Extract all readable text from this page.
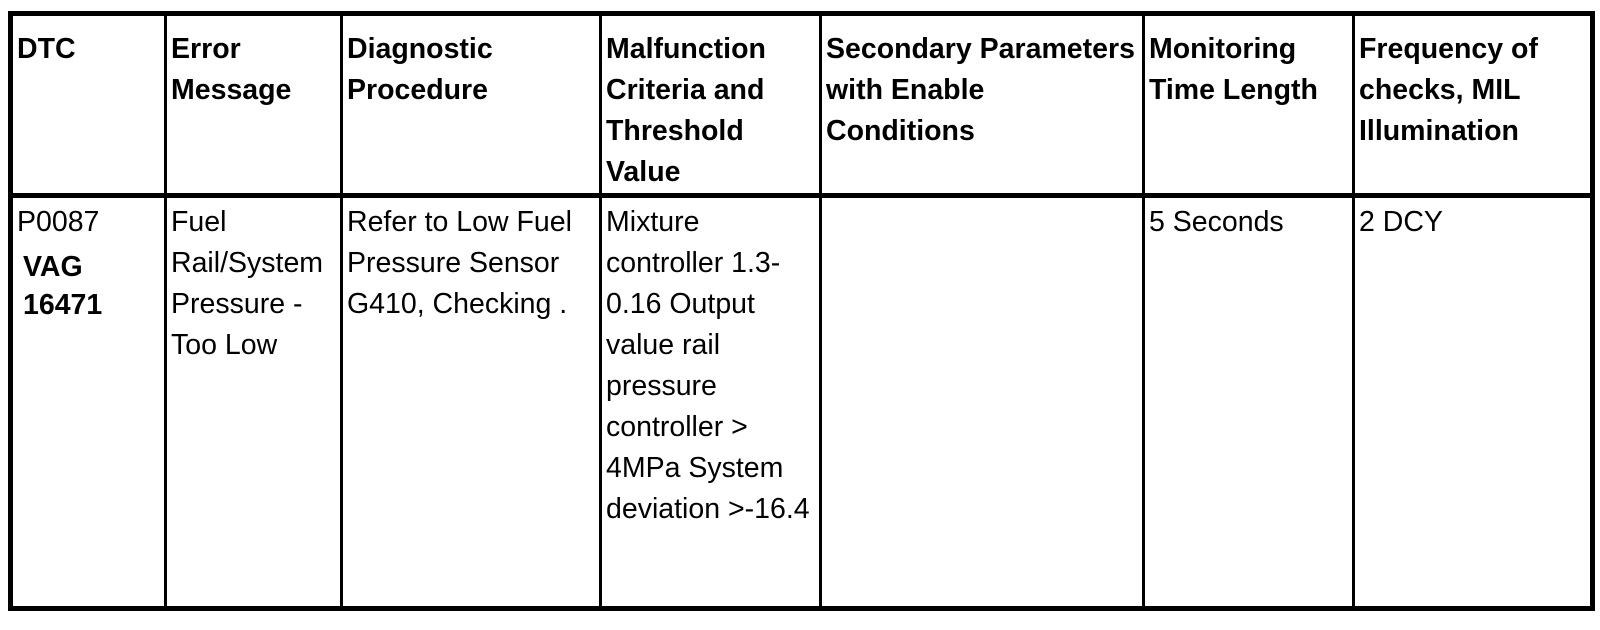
DTC	Error Message	Diagnostic Procedure	Malfunction Criteria and Threshold Value	Secondary Parameters with Enable Conditions	Monitoring Time Length	Frequency of checks, MIL Illumination

P0087
VAG
16471	Fuel Rail/System Pressure - Too Low	Refer to Low Fuel Pressure Sensor G410, Checking .	Mixture controller 1.3-0.16 Output value rail pressure controller > 4MPa System deviation >-16.4		5 Seconds	2 DCY
